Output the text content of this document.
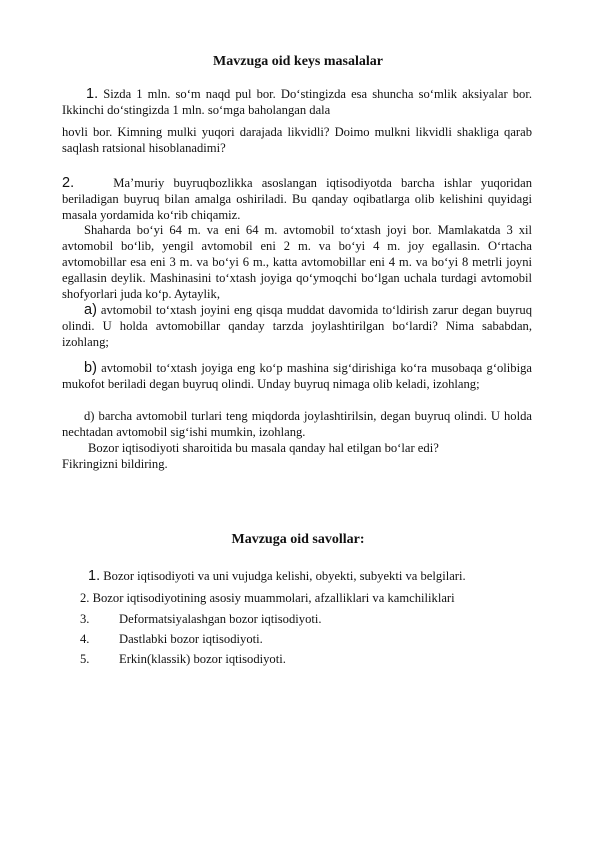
Mavzuga oid keys masalalar
1. Sizda 1 mln. so‘m naqd pul bor. Do‘stingizda esa shuncha so‘mlik aksiyalar bor. Ikkinchi do‘stingizda 1 mln. so‘mga baholangan dala
hovli bor. Kimning mulki yuqori darajada likvidli? Doimo mulkni likvidli shakliga qarab saqlash ratsional hisoblanadimi?
2.	Ma’muriy buyruqbozlikka asoslangan iqtisodiyotda barcha ishlar yuqoridan beriladigan buyruq bilan amalga oshiriladi. Bu qanday oqibatlarga olib kelishini quyidagi masala yordamida ko‘rib chiqamiz.
Shaharda bo‘yi 64 m. va eni 64 m. avtomobil to‘xtash joyi bor. Mamlakatda 3 xil avtomobil bo‘lib, yengil avtomobil eni 2 m. va bo‘yi 4 m. joy egallasin. O‘rtacha avtomobillar esa eni 3 m. va bo‘yi 6 m., katta avtomobillar eni 4 m. va bo‘yi 8 metrli joyni egallasin deylik. Mashinasini to‘xtash joyiga qo‘ymoqchi bo‘lgan uchala turdagi avtomobil shofyorlari juda ko‘p. Aytaylik,
a) avtomobil to‘xtash joyini eng qisqa muddat davomida to‘ldirish zarur degan buyruq olindi. U holda avtomobillar qanday tarzda joylashtirilgan bo‘lardi? Nima sababdan, izohlang;
b) avtomobil to‘xtash joyiga eng ko‘p mashina sig‘dirishiga ko‘ra musobaqa g‘olibiga mukofot beriladi degan buyruq olindi. Unday buyruq nimaga olib keladi, izohlang;
d) barcha avtomobil turlari teng miqdorda joylashtirilsin, degan buyruq olindi. U holda nechtadan avtomobil sig‘ishi mumkin, izohlang.
Bozor iqtisodiyoti sharoitida bu masala qanday hal etilgan bo‘lar edi?
Fikringizni bildiring.
Mavzuga oid savollar:
1. Bozor iqtisodiyoti va uni vujudga kelishi, obyekti, subyekti va belgilari.
2. Bozor iqtisodiyotining asosiy muammolari, afzalliklari va kamchiliklari
3. Deformatsiyalashgan bozor iqtisodiyoti.
4. Dastlabki bozor iqtisodiyoti.
5. Erkin(klassik) bozor iqtisodiyoti.
